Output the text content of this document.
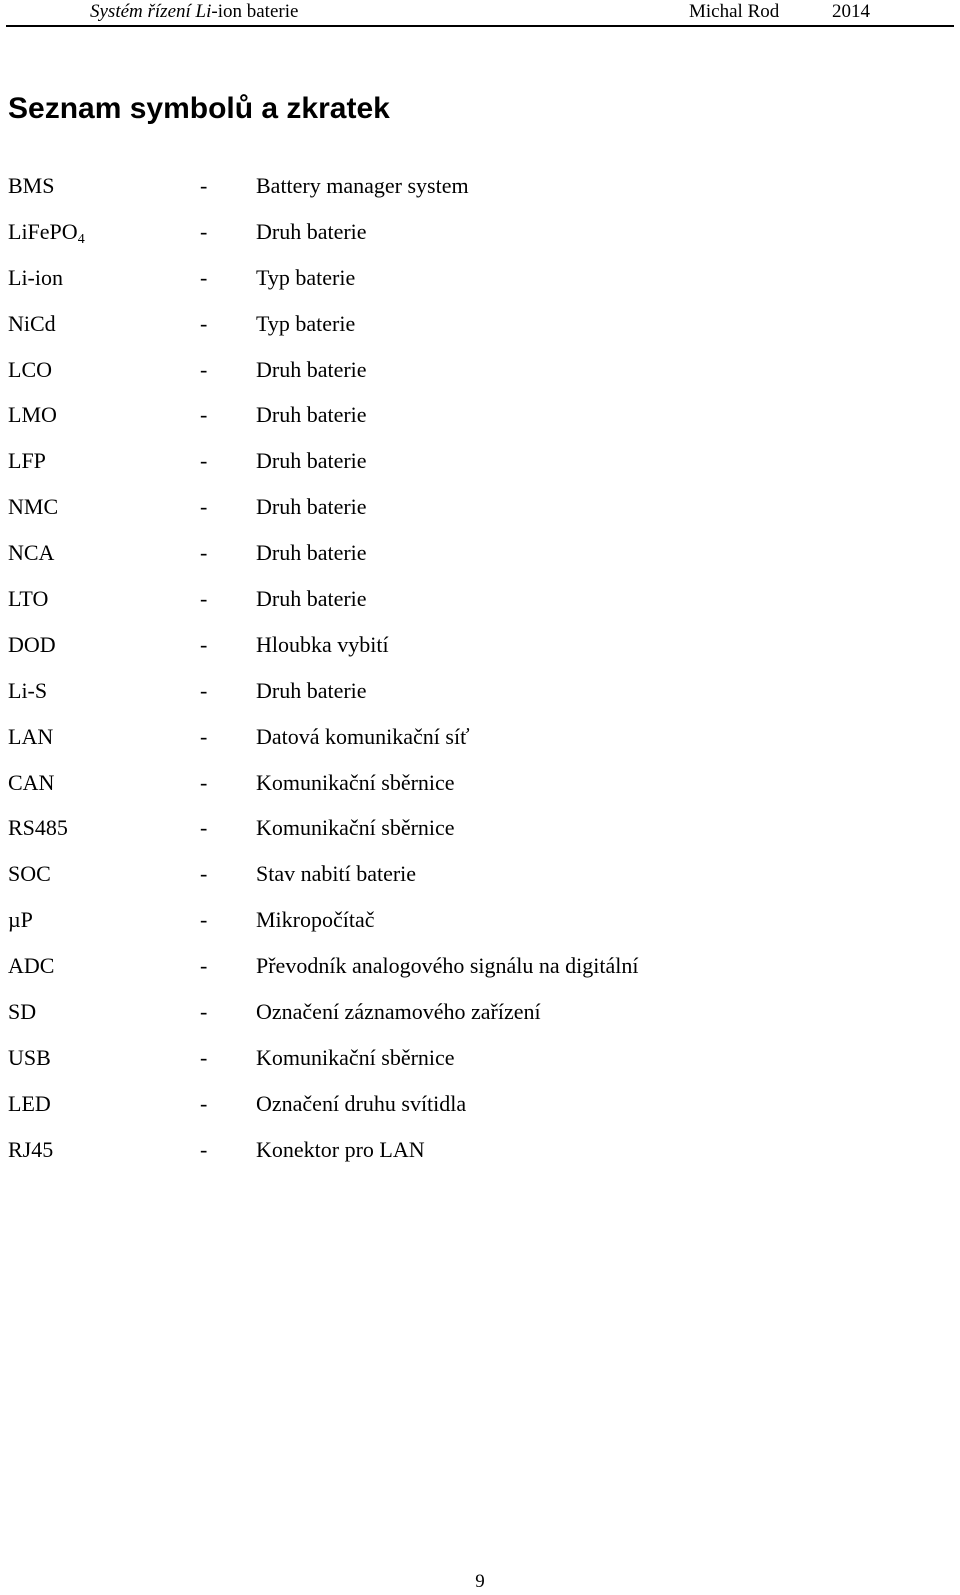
Systém řízení Li-ion baterie	Michal Rod	2014
Seznam symbolů a zkratek
BMS	- Battery manager system
LiFePO$_4$	- Druh baterie
Li-ion	- Typ baterie
NiCd	- Typ baterie
LCO	- Druh baterie
LMO	- Druh baterie
LFP	- Druh baterie
NMC	- Druh baterie
NCA	- Druh baterie
LTO	- Druh baterie
DOD	- Hloubka vybití
Li-S	- Druh baterie
LAN	- Datová komunikační síť
CAN	- Komunikační sběrnice
RS485	- Komunikační sběrnice
SOC	- Stav nabití baterie
µP	- Mikropočítač
ADC	- Převodník analogového signálu na digitální
SD	- Označení záznamového zařízení
USB	- Komunikační sběrnice
LED	- Označení druhu svítidla
RJ45	- Konektor pro LAN
9
